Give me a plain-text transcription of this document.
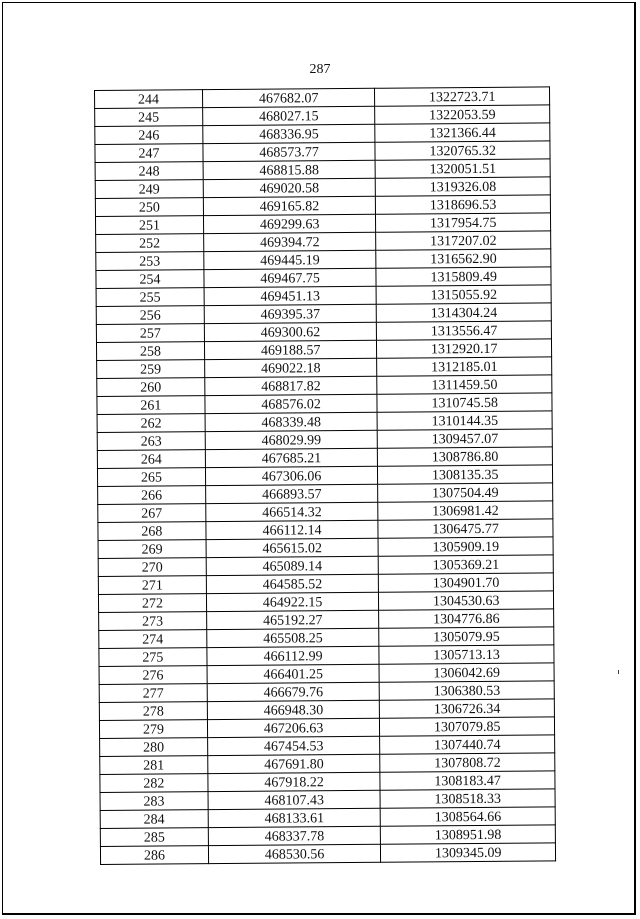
287
244	467682.07	1322723.71
245	468027.15	1322053.59
246	468336.95	1321366.44
247	468573.77	1320765.32
248	468815.88	1320051.51
249	469020.58	1319326.08
250	469165.82	1318696.53
251	469299.63	1317954.75
252	469394.72	1317207.02
253	469445.19	1316562.90
254	469467.75	1315809.49
255	469451.13	1315055.92
256	469395.37	1314304.24
257	469300.62	1313556.47
258	469188.57	1312920.17
259	469022.18	1312185.01
260	468817.82	1311459.50
261	468576.02	1310745.58
262	468339.48	1310144.35
263	468029.99	1309457.07
264	467685.21	1308786.80
265	467306.06	1308135.35
266	466893.57	1307504.49
267	466514.32	1306981.42
268	466112.14	1306475.77
269	465615.02	1305909.19
270	465089.14	1305369.21
271	464585.52	1304901.70
272	464922.15	1304530.63
273	465192.27	1304776.86
274	465508.25	1305079.95
275	466112.99	1305713.13
276	466401.25	1306042.69
277	466679.76	1306380.53
278	466948.30	1306726.34
279	467206.63	1307079.85
280	467454.53	1307440.74
281	467691.80	1307808.72
282	467918.22	1308183.47
283	468107.43	1308518.33
284	468133.61	1308564.66
285	468337.78	1308951.98
286	468530.56	1309345.09
